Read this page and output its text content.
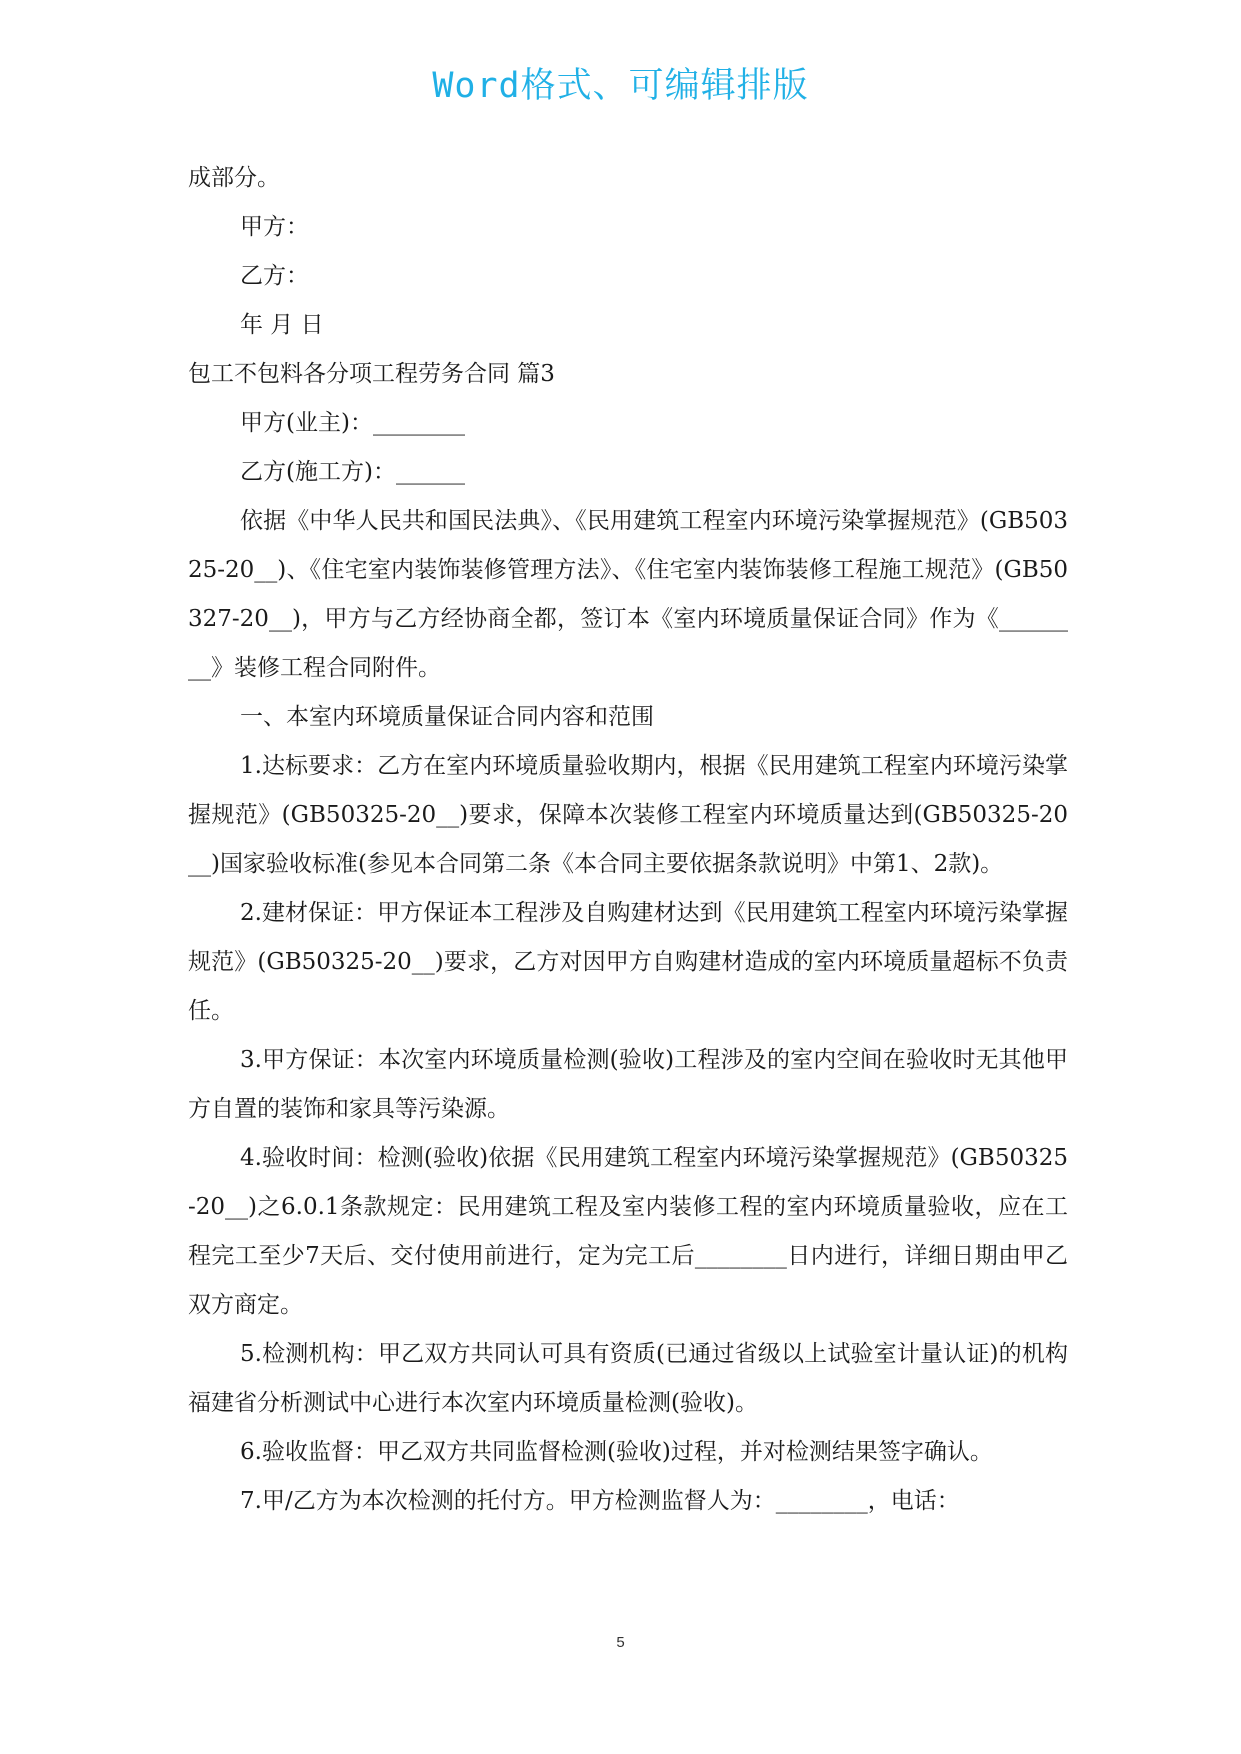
Word格式、可编辑排版

成部分。

甲方：

乙方：

年 月 日

包工不包料各分项工程劳务合同 篇3

甲方(业主)：________

乙方(施工方)：______

依据《中华人民共和国民法典》、《民用建筑工程室内环境污染掌握规范》(GB50325-20__)、《住宅室内装饰装修管理方法》、《住宅室内装饰装修工程施工规范》(GB50327-20__)，甲方与乙方经协商全都，签订本《室内环境质量保证合同》作为《________》装修工程合同附件。

一、本室内环境质量保证合同内容和范围

1.达标要求：乙方在室内环境质量验收期内，根据《民用建筑工程室内环境污染掌握规范》(GB50325-20__)要求，保障本次装修工程室内环境质量达到(GB50325-20__)国家验收标准(参见本合同第二条《本合同主要依据条款说明》中第1、2款)。

2.建材保证：甲方保证本工程涉及自购建材达到《民用建筑工程室内环境污染掌握规范》(GB50325-20__)要求，乙方对因甲方自购建材造成的室内环境质量超标不负责任。

3.甲方保证：本次室内环境质量检测(验收)工程涉及的室内空间在验收时无其他甲方自置的装饰和家具等污染源。

4.验收时间：检测(验收)依据《民用建筑工程室内环境污染掌握规范》(GB50325-20__)之6.0.1条款规定：民用建筑工程及室内装修工程的室内环境质量验收，应在工程完工至少7天后、交付使用前进行，定为完工后________日内进行，详细日期由甲乙双方商定。

5.检测机构：甲乙双方共同认可具有资质(已通过省级以上试验室计量认证)的机构福建省分析测试中心进行本次室内环境质量检测(验收)。

6.验收监督：甲乙双方共同监督检测(验收)过程，并对检测结果签字确认。

7.甲/乙方为本次检测的托付方。甲方检测监督人为：________，电话：

5
